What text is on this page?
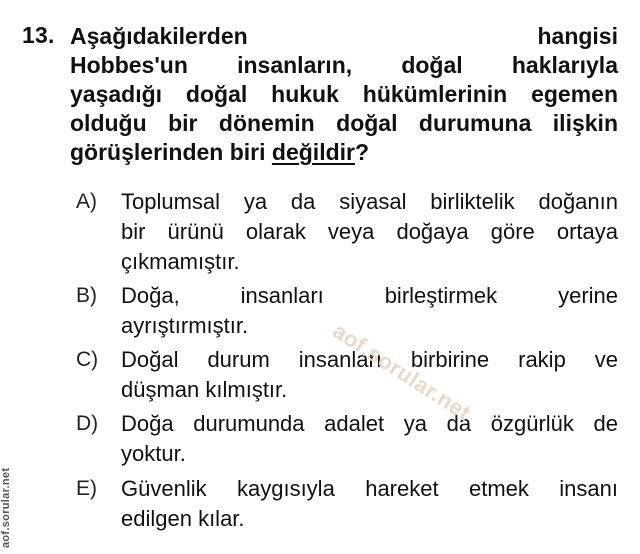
13. Aşağıdakilerden hangisi
Hobbes'un insanların, doğal haklarıyla
yaşadığı doğal hukuk hükümlerinin egemen
olduğu bir dönemin doğal durumuna ilişkin
görüşlerinden biri değildir?
A) Toplumsal ya da siyasal birliktelik doğanın
bir ürünü olarak veya doğaya göre ortaya
çıkmamıştır.
B) Doğa, insanları birleştirmek yerine
ayrıştırmıştır.
C) Doğal durum insanları birbirine rakip ve
düşman kılmıştır.
D) Doğa durumunda adalet ya da özgürlük de
yoktur.
E) Güvenlik kaygısıyla hareket etmek insanı
edilgen kılar.
aof.sorular.net
aof.sorular.net
